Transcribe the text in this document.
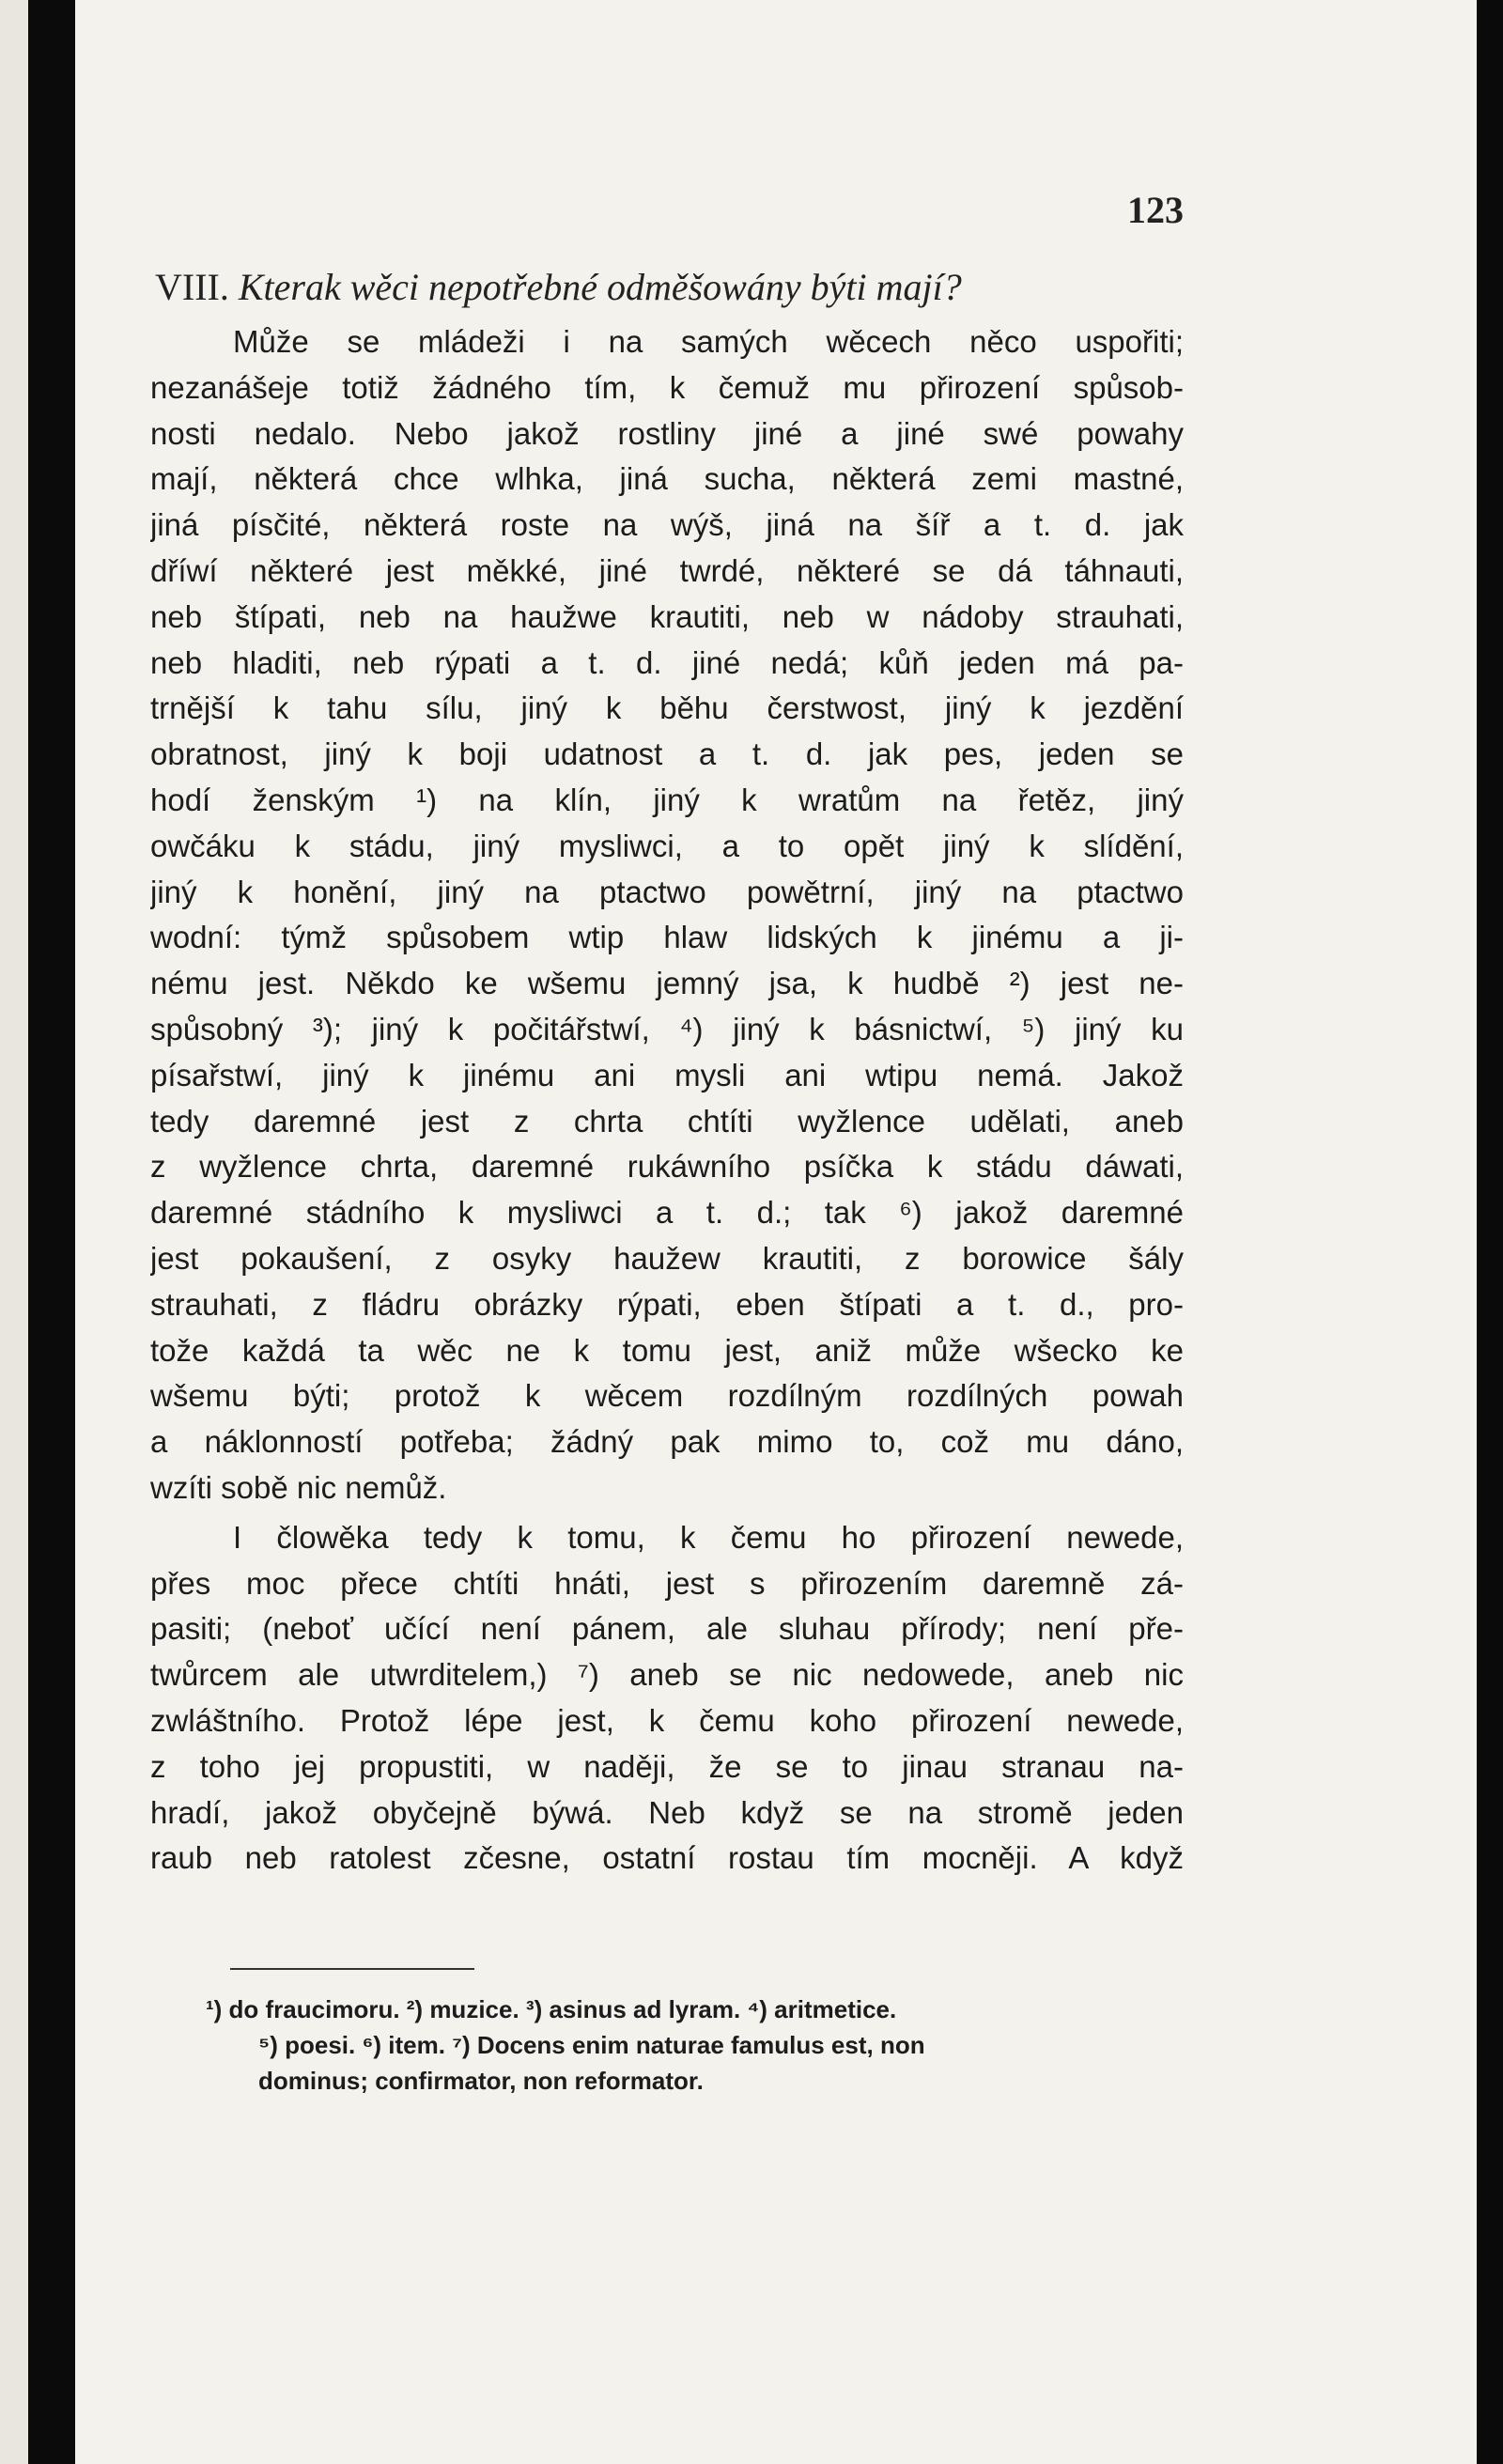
123
VIII. Kterak wěci nepotřebné odměšowány býti mají?
Může se mládeži i na samých wěcech něco uspořiti;
nezanášeje totiž žádného tím, k čemuž mu přirození spůsob-
nosti nedalo. Nebo jakož rostliny jiné a jiné swé powahy
mají, některá chce wlhka, jiná sucha, některá zemi mastné,
jiná písčité, některá roste na wýš, jiná na šíř a t. d. jak
dříwí některé jest měkké, jiné twrdé, některé se dá táhnauti,
neb štípati, neb na haužwe krautiti, neb w nádoby strauhati,
neb hladiti, neb rýpati a t. d. jiné nedá; kůň jeden má pa-
trnější k tahu sílu, jiný k běhu čerstwost, jiný k jezdění
obratnost, jiný k boji udatnost a t. d. jak pes, jeden se
hodí ženským ¹) na klín, jiný k wratům na řetěz, jiný
owčáku k stádu, jiný mysliwci, a to opět jiný k slídění,
jiný k honění, jiný na ptactwo powětrní, jiný na ptactwo
wodní: týmž spůsobem wtip hlaw lidských k jinému a ji-
nému jest. Někdo ke wšemu jemný jsa, k hudbě ²) jest ne-
spůsobný ³); jiný k počitářstwí, ⁴) jiný k básnictwí, ⁵) jiný ku
písařstwí, jiný k jinému ani mysli ani wtipu nemá. Jakož
tedy daremné jest z chrta chtíti wyžlence udělati, aneb
z wyžlence chrta, daremné rukáwního psíčka k stádu dáwati,
daremné stádního k mysliwci a t. d.; tak ⁶) jakož daremné
jest pokaušení, z osyky haužew krautiti, z borowice šály
strauhati, z fládru obrázky rýpati, eben štípati a t. d., pro-
tože každá ta wěc ne k tomu jest, aniž může wšecko ke
wšemu býti; protož k wěcem rozdílným rozdílných powah
a náklonností potřeba; žádný pak mimo to, což mu dáno,
wzíti sobě nic nemůž.
I člowěka tedy k tomu, k čemu ho přirození newede,
přes moc přece chtíti hnáti, jest s přirozením daremně zá-
pasiti; (neboť učící není pánem, ale sluhau přírody; není pře-
twůrcem ale utwrditelem,) ⁷) aneb se nic nedowede, aneb nic
zwláštního. Protož lépe jest, k čemu koho přirození newede,
z toho jej propustiti, w naději, že se to jinau stranau na-
hradí, jakož obyčejně býwá. Neb když se na stromě jeden
raub neb ratolest zčesne, ostatní rostau tím mocněji. A když
¹) do fraucimoru. ²) muzice. ³) asinus ad lyram. ⁴) aritmetice.
⁵) poesi. ⁶) item. ⁷) Docens enim naturae famulus est, non
dominus; confirmator, non reformator.
